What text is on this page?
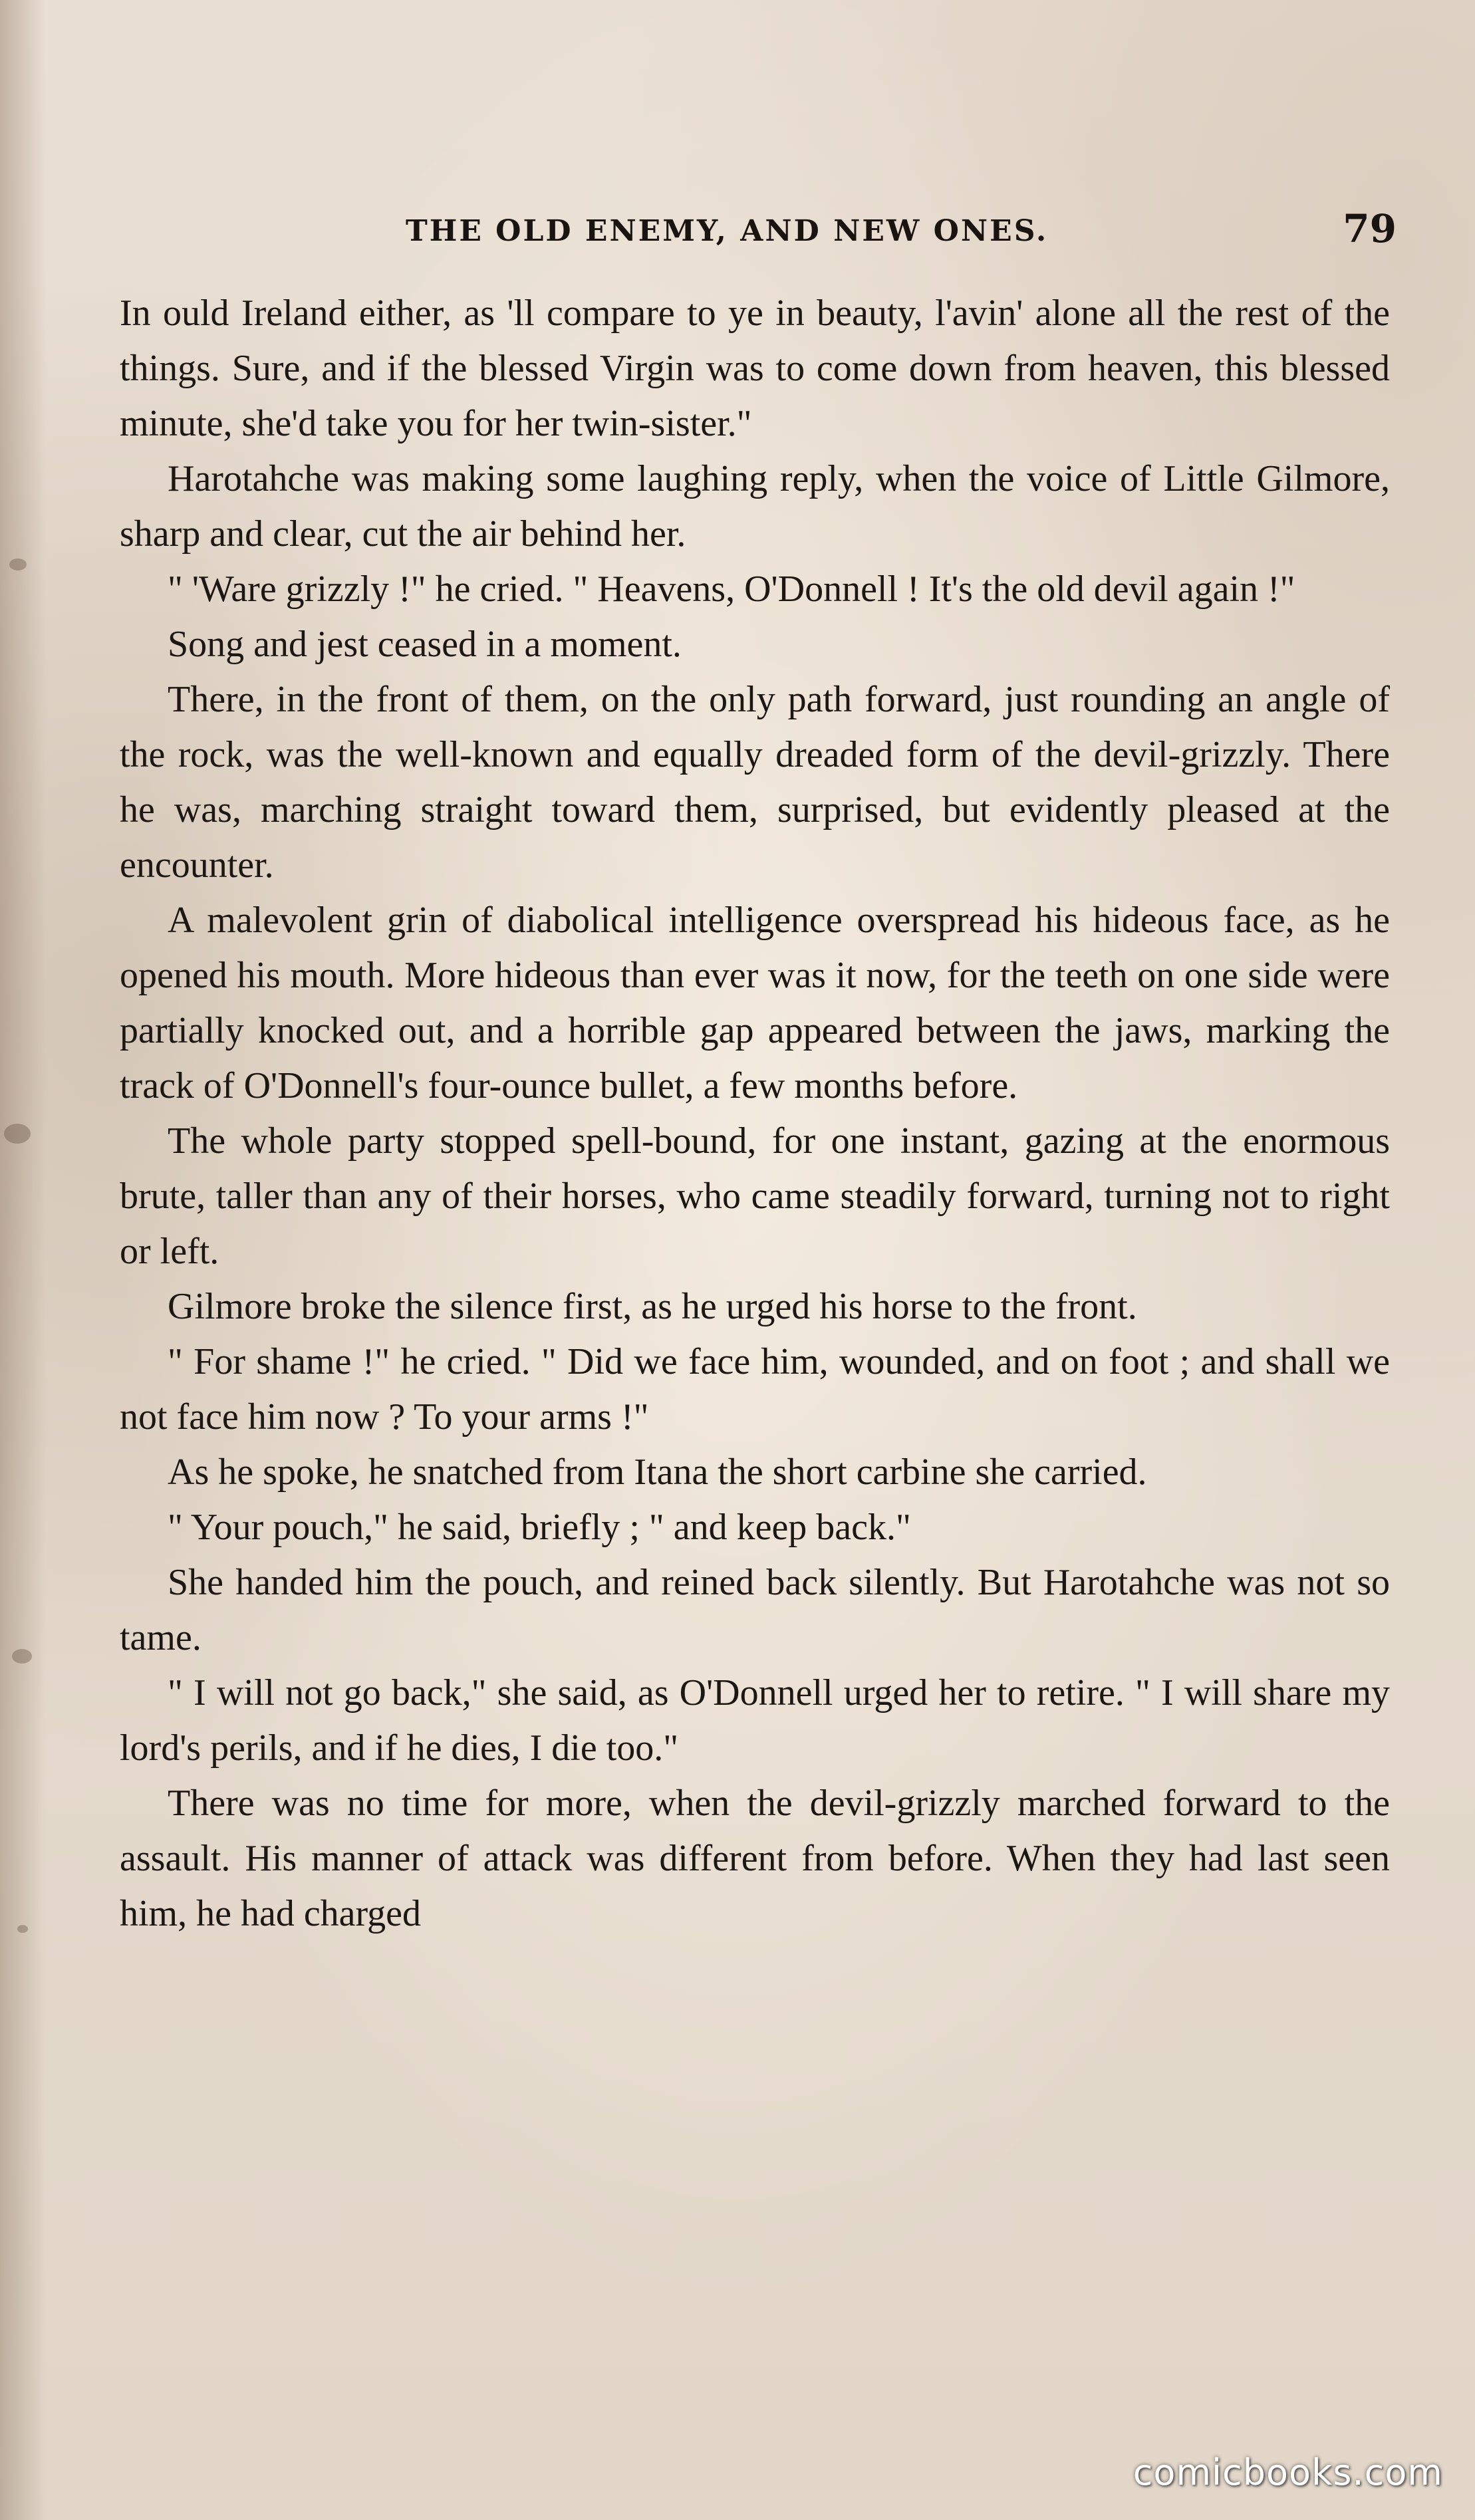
THE OLD ENEMY, AND NEW ONES.	79

In ould Ireland either, as 'll compare to ye in beauty, l'avin' alone all the rest of the things. Sure, and if the blessed Virgin was to come down from heaven, this blessed minute, she'd take you for her twin-sister."

Harotahche was making some laughing reply, when the voice of Little Gilmore, sharp and clear, cut the air behind her.

" 'Ware grizzly !" he cried. " Heavens, O'Donnell ! It's the old devil again !"

Song and jest ceased in a moment.

There, in the front of them, on the only path forward, just rounding an angle of the rock, was the well-known and equally dreaded form of the devil-grizzly. There he was, marching straight toward them, surprised, but evidently pleased at the encounter.

A malevolent grin of diabolical intelligence overspread his hideous face, as he opened his mouth. More hideous than ever was it now, for the teeth on one side were partially knocked out, and a horrible gap appeared between the jaws, marking the track of O'Donnell's four-ounce bullet, a few months before.

The whole party stopped spell-bound, for one instant, gazing at the enormous brute, taller than any of their horses, who came steadily forward, turning not to right or left.

Gilmore broke the silence first, as he urged his horse to the front.

" For shame !" he cried. " Did we face him, wounded, and on foot ; and shall we not face him now ? To your arms !"

As he spoke, he snatched from Itana the short carbine she carried.

" Your pouch," he said, briefly ; " and keep back."

She handed him the pouch, and reined back silently. But Harotahche was not so tame.

" I will not go back," she said, as O'Donnell urged her to retire. " I will share my lord's perils, and if he dies, I die too."

There was no time for more, when the devil-grizzly marched forward to the assault. His manner of attack was different from before. When they had last seen him, he had charged

comicbooks.com
